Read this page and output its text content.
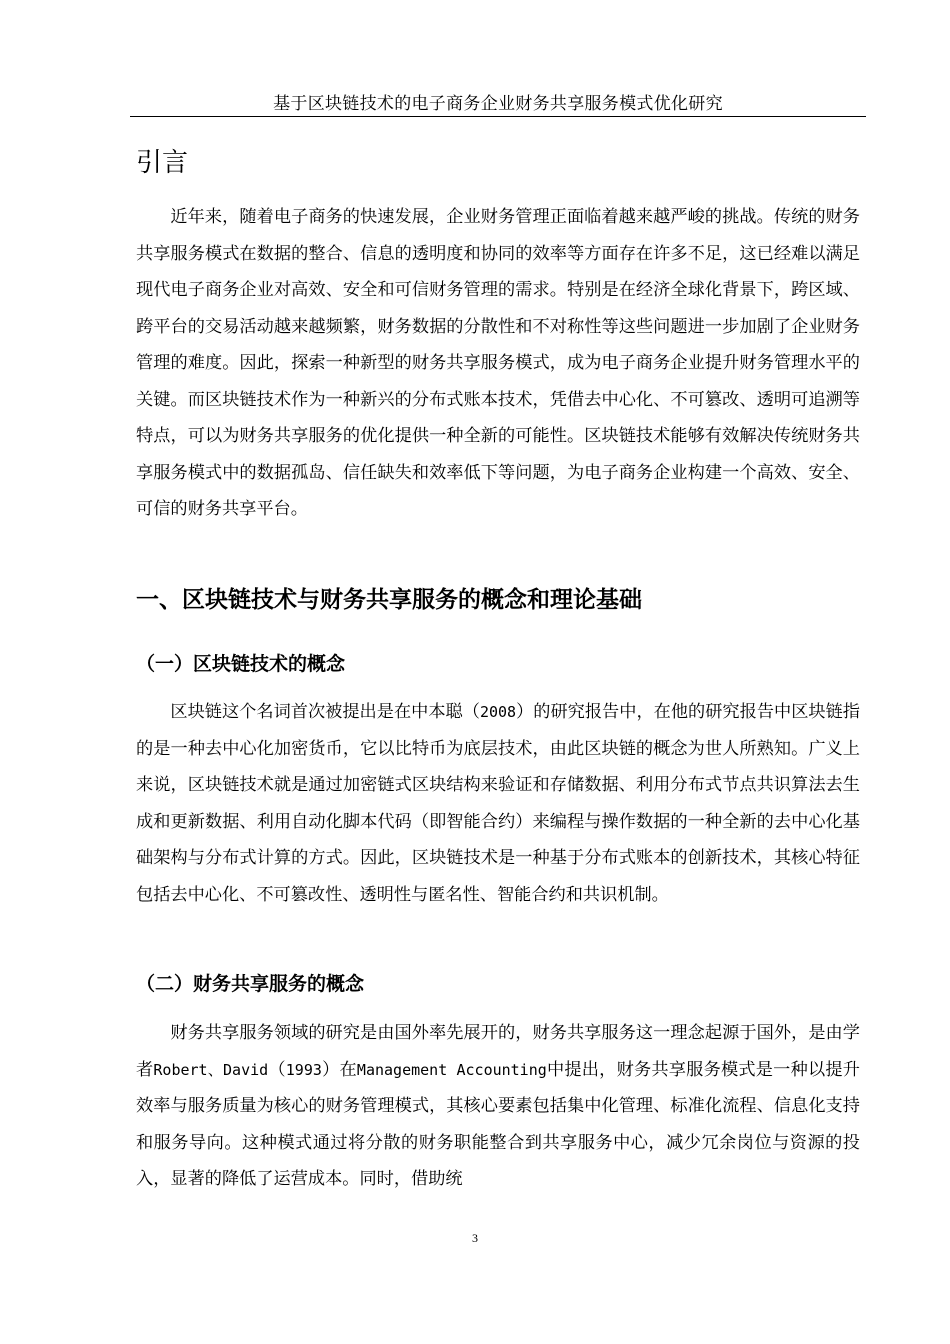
基于区块链技术的电子商务企业财务共享服务模式优化研究
引言

近年来，随着电子商务的快速发展，企业财务管理正面临着越来越严峻的挑战。传统的财务共享服务模式在数据的整合、信息的透明度和协同的效率等方面存在许多不足，这已经难以满足现代电子商务企业对高效、安全和可信财务管理的需求。特别是在经济全球化背景下，跨区域、跨平台的交易活动越来越频繁，财务数据的分散性和不对称性等这些问题进一步加剧了企业财务管理的难度。因此，探索一种新型的财务共享服务模式，成为电子商务企业提升财务管理水平的关键。而区块链技术作为一种新兴的分布式账本技术，凭借去中心化、不可篡改、透明可追溯等特点，可以为财务共享服务的优化提供一种全新的可能性。区块链技术能够有效解决传统财务共享服务模式中的数据孤岛、信任缺失和效率低下等问题，为电子商务企业构建一个高效、安全、可信的财务共享平台。

一、区块链技术与财务共享服务的概念和理论基础
（一）区块链技术的概念

区块链这个名词首次被提出是在中本聪（2008）的研究报告中，在他的研究报告中区块链指的是一种去中心化加密货币，它以比特币为底层技术，由此区块链的概念为世人所熟知。广义上来说，区块链技术就是通过加密链式区块结构来验证和存储数据、利用分布式节点共识算法去生成和更新数据、利用自动化脚本代码（即智能合约）来编程与操作数据的一种全新的去中心化基础架构与分布式计算的方式。因此，区块链技术是一种基于分布式账本的创新技术，其核心特征包括去中心化、不可篡改性、透明性与匿名性、智能合约和共识机制。

（二）财务共享服务的概念

财务共享服务领域的研究是由国外率先展开的，财务共享服务这一理念起源于国外，是由学者Robert、David（1993）在Management Accounting中提出，财务共享服务模式是一种以提升效率与服务质量为核心的财务管理模式，其核心要素包括集中化管理、标准化流程、信息化支持和服务导向。这种模式通过将分散的财务职能整合到共享服务中心，减少冗余岗位与资源的投入，显著的降低了运营成本。同时，借助统

3
